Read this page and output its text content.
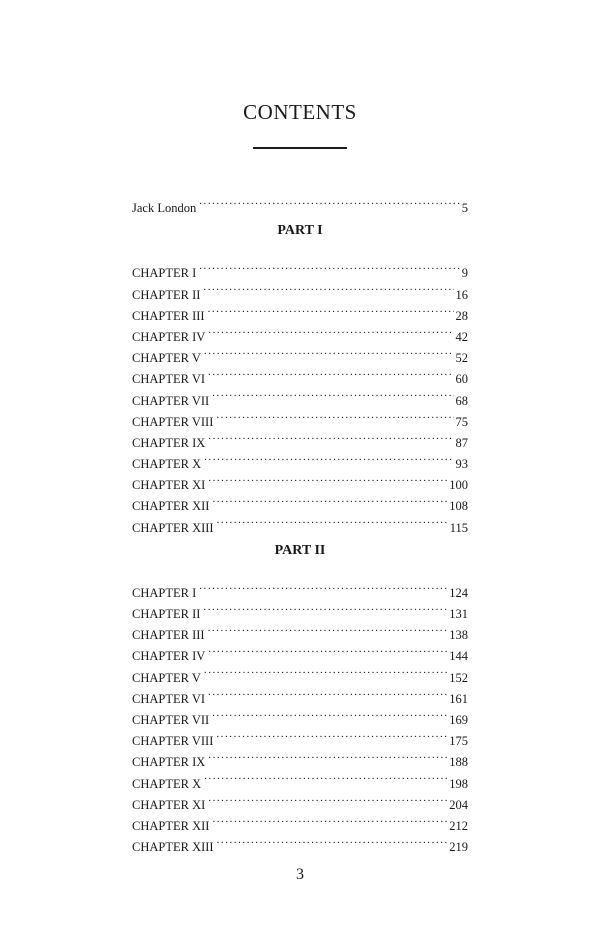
CONTENTS
Jack London . . .	5
PART I
CHAPTER I . . .	9
CHAPTER II . . .	16
CHAPTER III . . .	28
CHAPTER IV . . .	42
CHAPTER V . . .	52
CHAPTER VI . . .	60
CHAPTER VII . . .	68
CHAPTER VIII . . .	75
CHAPTER IX . . .	87
CHAPTER X . . .	93
CHAPTER XI . . .	100
CHAPTER XII . . .	108
CHAPTER XIII . . .	115
PART II
CHAPTER I . . .	124
CHAPTER II . . .	131
CHAPTER III . . .	138
CHAPTER IV . . .	144
CHAPTER V . . .	152
CHAPTER VI . . .	161
CHAPTER VII . . .	169
CHAPTER VIII . . .	175
CHAPTER IX . . .	188
CHAPTER X . . .	198
CHAPTER XI . . .	204
CHAPTER XII . . .	212
CHAPTER XIII . . .	219
3
